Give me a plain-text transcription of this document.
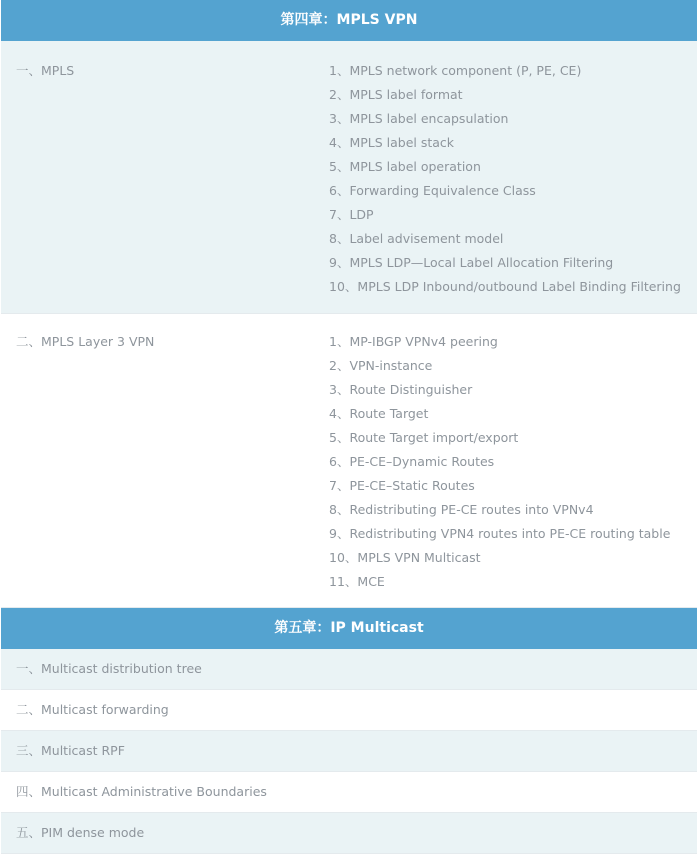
第四章：MPLS VPN
一、MPLS	1、MPLS network component (P, PE, CE)
2、MPLS label format
3、MPLS label encapsulation
4、MPLS label stack
5、MPLS label operation
6、Forwarding Equivalence Class
7、LDP
8、Label advisement model
9、MPLS LDP—Local Label Allocation Filtering
10、MPLS LDP Inbound/outbound Label Binding Filtering
二、MPLS Layer 3 VPN	1、MP-IBGP VPNv4 peering
2、VPN-instance
3、Route Distinguisher
4、Route Target
5、Route Target import/export
6、PE-CE–Dynamic Routes
7、PE-CE–Static Routes
8、Redistributing PE-CE routes into VPNv4
9、Redistributing VPN4 routes into PE-CE routing table
10、MPLS VPN Multicast
11、MCE
第五章：IP Multicast
一、Multicast distribution tree
二、Multicast forwarding
三、Multicast RPF
四、Multicast Administrative Boundaries
五、PIM dense mode
